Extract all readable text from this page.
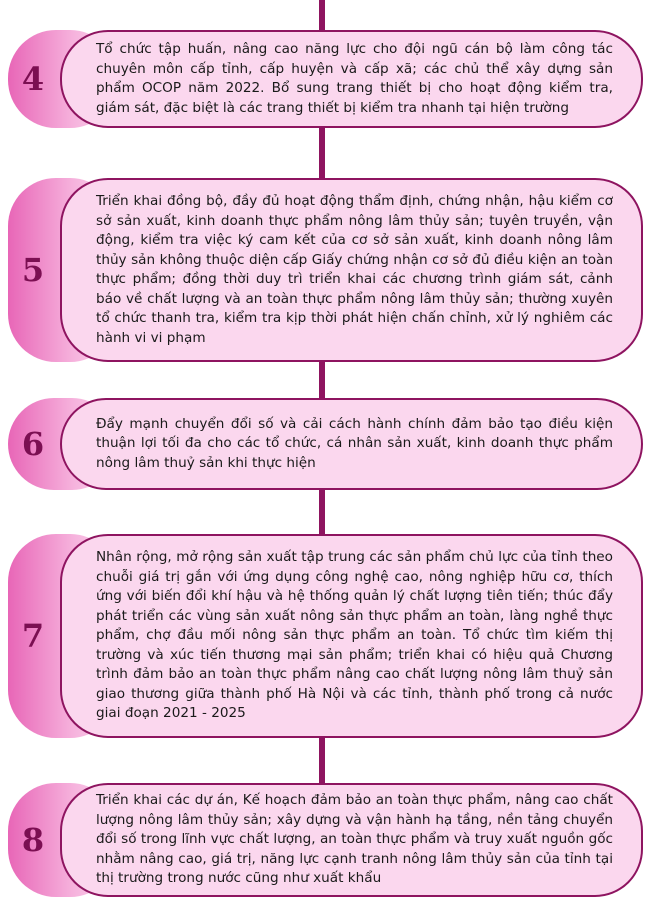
4

Tổ chức tập huấn, nâng cao năng lực cho đội ngũ cán bộ làm công tác chuyên môn cấp tỉnh, cấp huyện và cấp xã; các chủ thể xây dựng sản phẩm OCOP năm 2022. Bổ sung trang thiết bị cho hoạt động kiểm tra, giám sát, đặc biệt là các trang thiết bị kiểm tra nhanh tại hiện trường

5

Triển khai đồng bộ, đầy đủ hoạt động thẩm định, chứng nhận, hậu kiểm cơ sở sản xuất, kinh doanh thực phẩm nông lâm thủy sản; tuyên truyền, vận động, kiểm tra việc ký cam kết của cơ sở sản xuất, kinh doanh nông lâm thủy sản không thuộc diện cấp Giấy chứng nhận cơ sở đủ điều kiện an toàn thực phẩm; đồng thời duy trì triển khai các chương trình giám sát, cảnh báo về chất lượng và an toàn thực phẩm nông lâm thủy sản; thường xuyên tổ chức thanh tra, kiểm tra kịp thời phát hiện chấn chỉnh, xử lý nghiêm các hành vi vi phạm

6

Đẩy mạnh chuyển đổi số và cải cách hành chính đảm bảo tạo điều kiện thuận lợi tối đa cho các tổ chức, cá nhân sản xuất, kinh doanh thực phẩm nông lâm thuỷ sản khi thực hiện

7

Nhân rộng, mở rộng sản xuất tập trung các sản phẩm chủ lực của tỉnh theo chuỗi giá trị gắn với ứng dụng công nghệ cao, nông nghiệp hữu cơ, thích ứng với biến đổi khí hậu và hệ thống quản lý chất lượng tiên tiến; thúc đẩy phát triển các vùng sản xuất nông sản thực phẩm an toàn, làng nghề thực phẩm, chợ đầu mối nông sản thực phẩm an toàn. Tổ chức tìm kiếm thị trường và xúc tiến thương mại sản phẩm; triển khai có hiệu quả Chương trình đảm bảo an toàn thực phẩm nâng cao chất lượng nông lâm thuỷ sản giao thương giữa thành phố Hà Nội và các tỉnh, thành phố trong cả nước giai đoạn 2021 - 2025

8

Triển khai các dự án, Kế hoạch đảm bảo an toàn thực phẩm, nâng cao chất lượng nông lâm thủy sản; xây dựng và vận hành hạ tầng, nền tảng chuyển đổi số trong lĩnh vực chất lượng, an toàn thực phẩm và truy xuất nguồn gốc nhằm nâng cao, giá trị, năng lực cạnh tranh nông lâm thủy sản của tỉnh tại thị trường trong nước cũng như xuất khẩu
